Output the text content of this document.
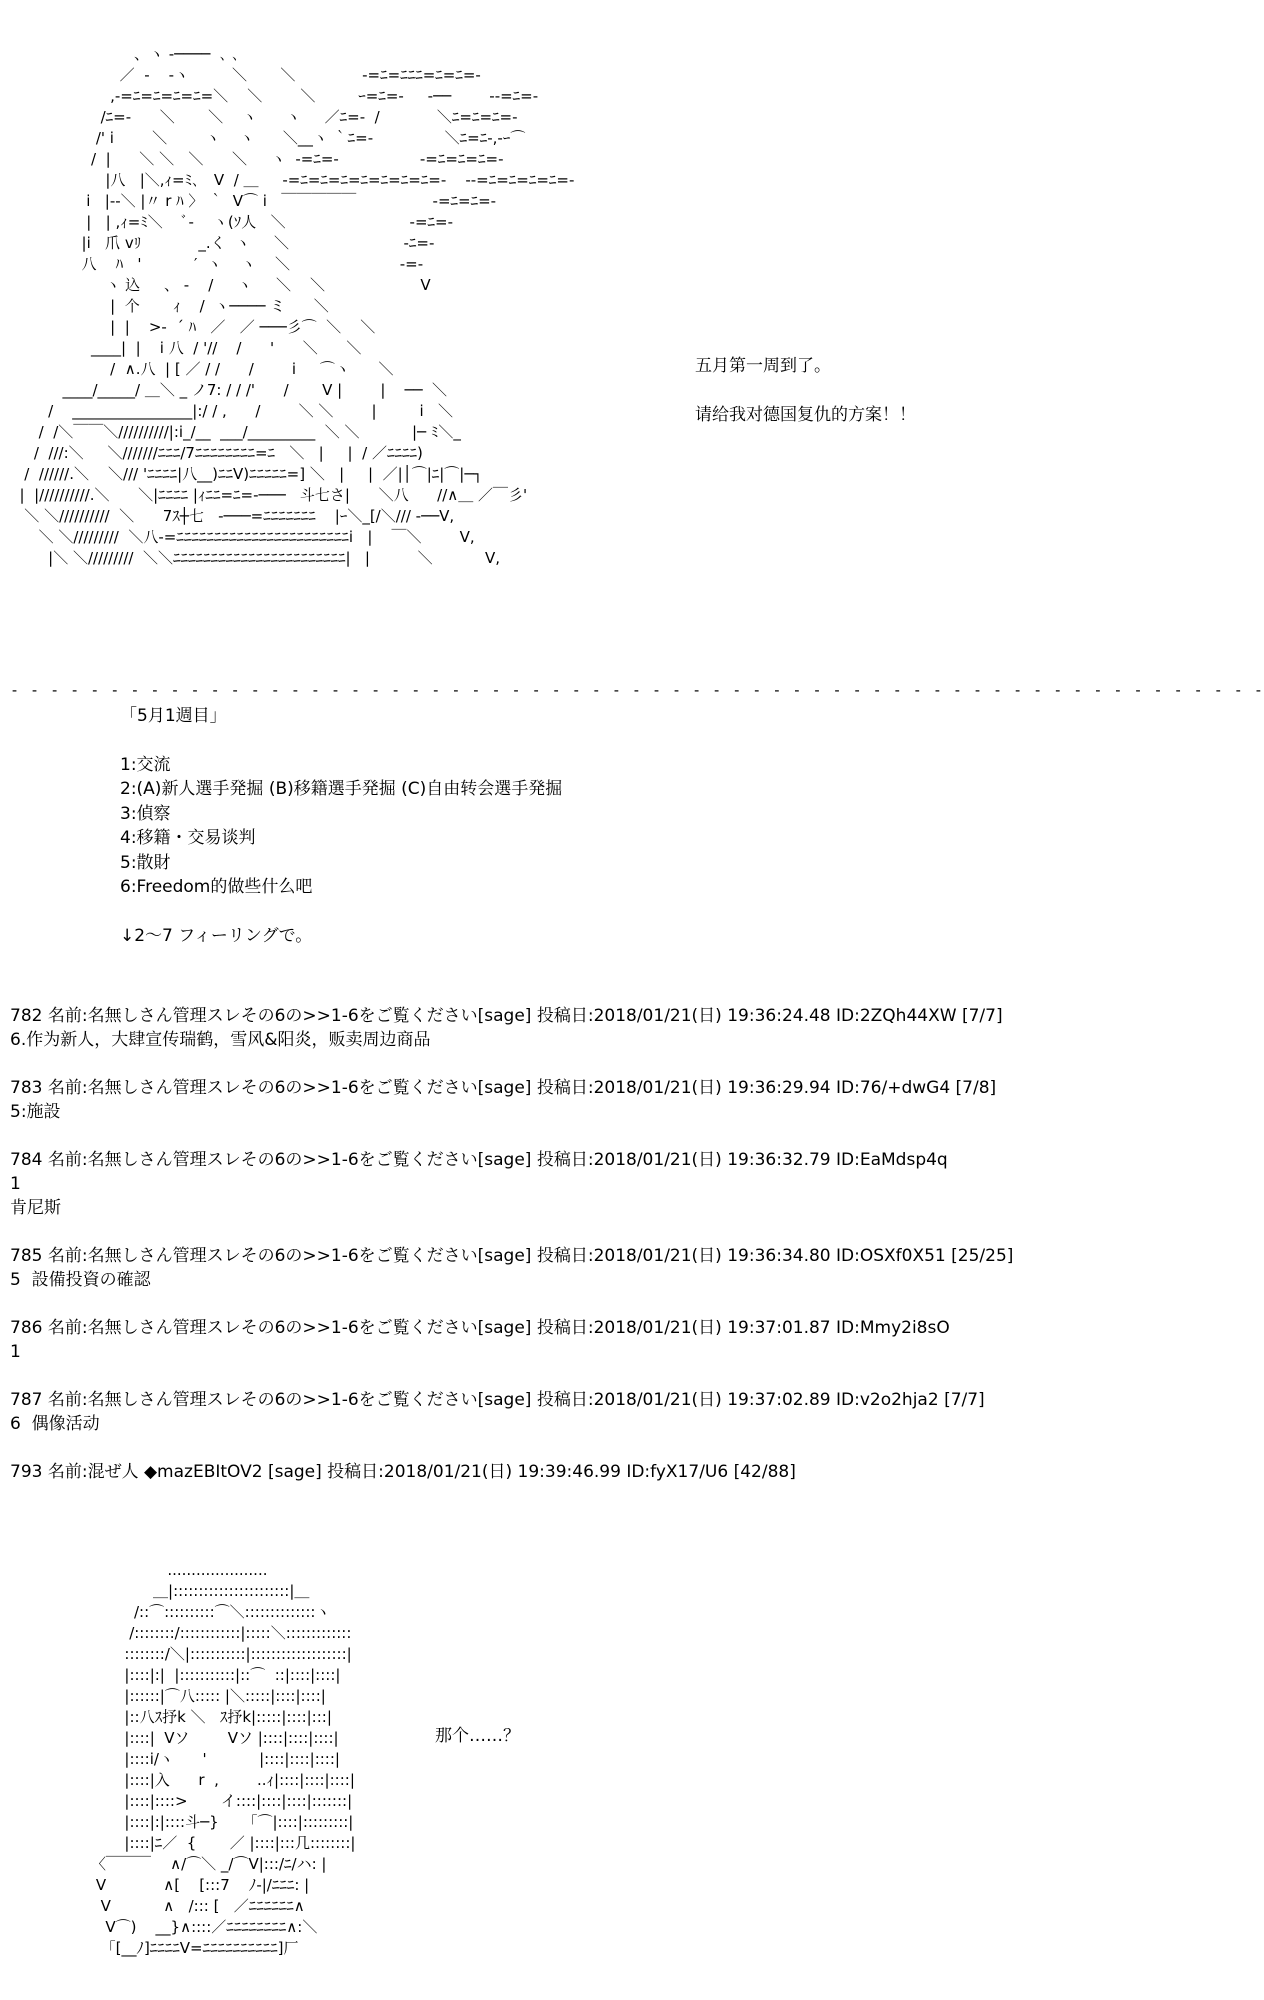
、ヽ ‐────  ､ ､
／  ‐    ‐ヽ         ＼       ＼              -=ﾆ=ﾆﾆﾆ=ﾆ=ﾆ=-
,-=ﾆ=ﾆ=ﾆ=ﾆ=＼    ＼        ＼         ｰ=ﾆ=-     ‐──        -‐=ﾆ=-
/ﾆ=-      ＼       ＼    ヽ      ヽ     ／ﾆ=-  /            ＼ﾆ=ﾆ=ﾆ=-
/' i        ＼        ヽ    ヽ      ＼__ヽ ｀ﾆ=-               ＼ﾆ=ﾆ-,-ｰ⌒
/  |      ＼ ＼   ＼      ＼     ヽ  -=ﾆ=-                 -=ﾆ=ﾆ=ﾆ=-
|八   |＼,ｨ=ﾐ､   V  / ＿     -=ﾆ=ﾆ=ﾆ=ﾆ=ﾆ=ﾆ=ﾆ=-    -‐=ﾆ=ﾆ=ﾆ=ﾆ=-
i   |-‐＼ |〃 r ﾊ 〉 ｀  V⌒ i   ￣￣￣￣￣                -=ﾆ=ﾆ=-
|   | ,ｨ=ﾐ＼    ﾞ‐    ヽ(ｿ人   ＼                          -=ﾆ=-
|i   爪 vﾘ            _.く  ヽ     ＼                        -ﾆ=-
八    ﾊ   '           ′  ヽ    ヽ    ＼                       -=-
ヽ 込     、 -    /     ヽ     ＼    ＼                    V
|  个       ｨ    /  ヽ──── ミ      ＼
|  |    >-  ´ ﾊ   ／   ／ ───彡⌒  ＼    ＼
____|  |    i 八  / '//    /      '      ＼      ＼
/  ∧.八  | [ ／ / /      /        i     ⌒ヽ      ＼
____/_____/ ＿＼ _ ノ7: / / /'      /       V |        |    ──  ＼
/    ________________|:/ / ,      /        ＼ ＼        |         i   ＼
/  /＼￣￣＼//////////|:i_/__  ___/_________  ＼ ＼           |─ ﾐ＼_
/  ///:＼     ＼///////ﾆﾆﾆ/7ﾆﾆﾆﾆﾆﾆﾆﾆ=ﾆ   ＼   |     |  / ／ﾆﾆﾆﾆ)
/  //////.＼    ＼/// 'ﾆﾆﾆﾆ|八__)ﾆﾆV)ﾆﾆﾆﾆﾆ=] ＼   |     |  ／|│⌒|ﾆ|⌒|─┐
|  |//////////.＼      ＼|ﾆﾆﾆﾆ |ｨﾆﾆ=ﾆ=-───   斗七さ|      ＼八      //∧＿ ／￣彡'
＼ ＼//////////  ＼      7ｽ┼七   -───=ﾆﾆﾆﾆﾆﾆﾆ    |ｰ＼_[/＼/// -──V,
＼ ＼/////////  ＼八-=ﾆﾆﾆﾆﾆﾆﾆﾆﾆﾆﾆﾆﾆﾆﾆﾆﾆﾆﾆﾆﾆﾆﾆi   |    ￣＼        V,
|＼ ＼/////////  ＼＼ﾆﾆﾆﾆﾆﾆﾆﾆﾆﾆﾆﾆﾆﾆﾆﾆﾆﾆﾆﾆﾆﾆﾆ|   |          ＼           V,
五月第一周到了。
请给我对德国复仇的方案！！
- - - - - - - - - - - - - - - - - - - - - - - - - - - - - - - - - - - - - - - - - - - - - - - - - - - - - - - - - - - - - - -
「5月1週目」
1:交流
2:(A)新人選手発掘 (B)移籍選手発掘 (C)自由转会選手発掘
3:偵察
4:移籍・交易谈判
5:散財
6:Freedom的做些什么吧
↓2～7 フィーリングで。
782 名前:名無しさん管理スレその6の>>1-6をご覧ください[sage] 投稿日:2018/01/21(日) 19:36:24.48 ID:2ZQh44XW [7/7]
6.作为新人，大肆宣传瑞鹤，雪风&阳炎，贩卖周边商品
783 名前:名無しさん管理スレその6の>>1-6をご覧ください[sage] 投稿日:2018/01/21(日) 19:36:29.94 ID:76/+dwG4 [7/8]
5:施設
784 名前:名無しさん管理スレその6の>>1-6をご覧ください[sage] 投稿日:2018/01/21(日) 19:36:32.79 ID:EaMdsp4q
1
肯尼斯
785 名前:名無しさん管理スレその6の>>1-6をご覧ください[sage] 投稿日:2018/01/21(日) 19:36:34.80 ID:OSXf0X51 [25/25]
5  設備投資の確認
786 名前:名無しさん管理スレその6の>>1-6をご覧ください[sage] 投稿日:2018/01/21(日) 19:37:01.87 ID:Mmy2i8sO
1
787 名前:名無しさん管理スレその6の>>1-6をご覧ください[sage] 投稿日:2018/01/21(日) 19:37:02.89 ID:v2o2hja2 [7/7]
6  偶像活动
793 名前:混ぜ人 ◆mazEBItOV2 [sage] 投稿日:2018/01/21(日) 19:39:46.99 ID:fyX17/U6 [42/88]
.....................
＿|:::::::::::::::::::::::|＿
/::⌒::::::::::⌒＼::::::::::::::ヽ
/::::::::/::::::::::::|:::::＼:::::::::::::
::::::::/＼|:::::::::::|:::::::::::::::::::|
|::::|:|  |:::::::::::|::⌒  ::|::::|::::|
|::::::|⌒八::::: |＼:::::|::::|::::|
|::八ｽ抒k ＼   ｽ抒k|:::::|::::|:::|
|::::|  Vソ        Vソ |::::|::::|::::|
|::::i/ヽ      '           |::::|::::|::::|
|::::|入      r  ,        ..ｨ|::::|::::|::::|
|::::|::::>       イ::::|::::|::::|:::::::|
|::::|:|::::斗─}     「⌒|::::|:::::::::|
|::::|ﾆ／  {       ／ |::::|:::几::::::::|
〈￣￣￣    ∧/⌒＼ _/⌒V|:::/ﾆ/ハ: |
V            ∧[    [:::7    ﾉ-|/ﾆﾆﾆ: |
V           ∧   /::: [   ／ﾆﾆﾆﾆﾆﾆ∧
V⌒)    __}∧::::／ﾆﾆﾆﾆﾆﾆﾆﾆ∧:＼
「[__ﾉ]ﾆﾆﾆﾆV=ﾆﾆﾆﾆﾆﾆﾆﾆﾆﾆ]厂
那个……？
